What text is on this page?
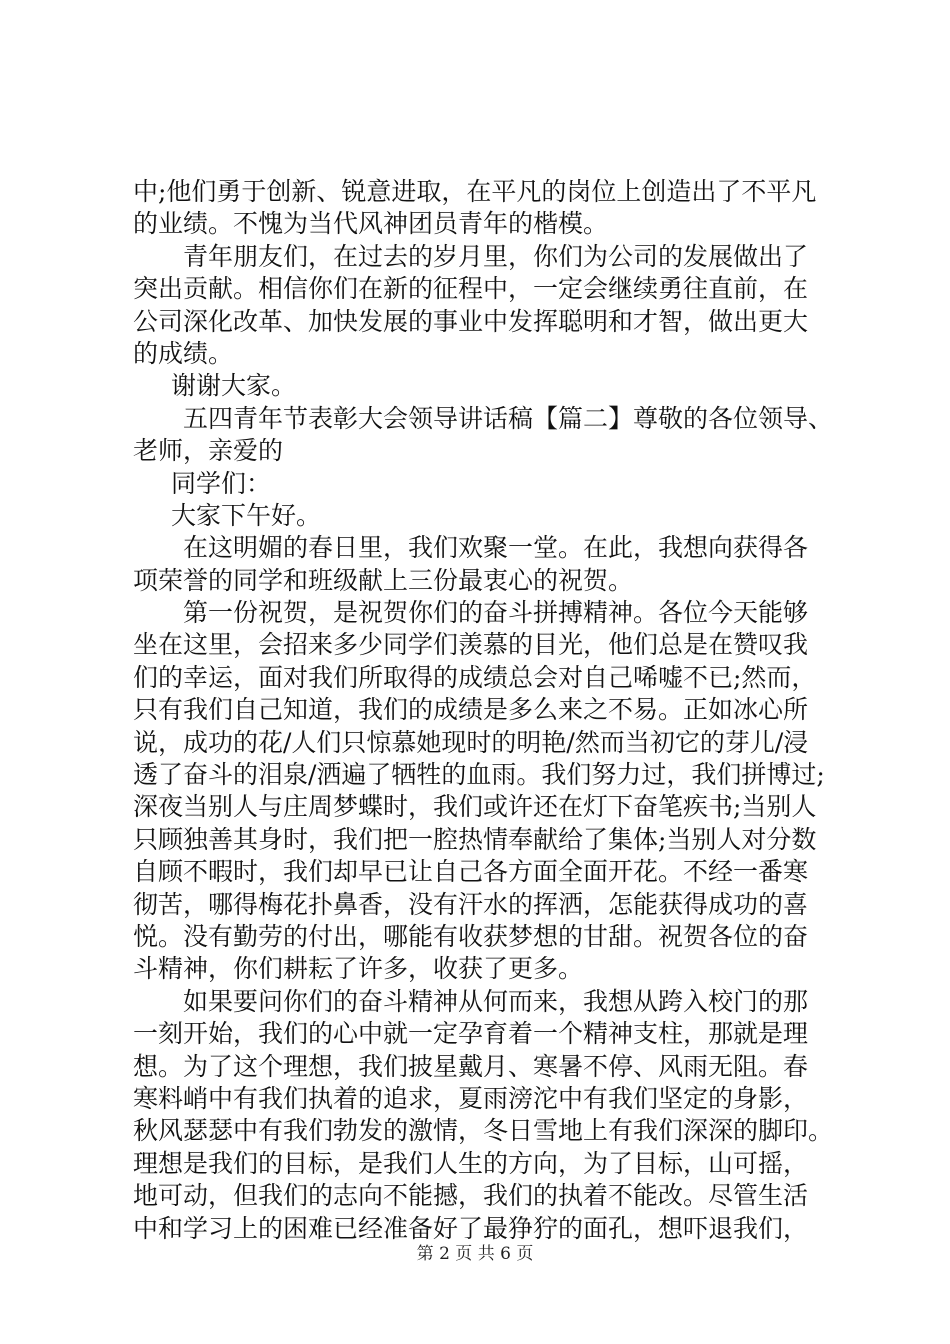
中;他们勇于创新、锐意进取，在平凡的岗位上创造出了不平凡
的业绩。不愧为当代风神团员青年的楷模。
青年朋友们，在过去的岁月里，你们为公司的发展做出了
突出贡献。相信你们在新的征程中，一定会继续勇往直前，在
公司深化改革、加快发展的事业中发挥聪明和才智，做出更大
的成绩。
谢谢大家。
五四青年节表彰大会领导讲话稿【篇二】尊敬的各位领导、
老师，亲爱的
同学们：
大家下午好。
在这明媚的春日里，我们欢聚一堂。在此，我想向获得各
项荣誉的同学和班级献上三份最衷心的祝贺。
第一份祝贺，是祝贺你们的奋斗拼搏精神。各位今天能够
坐在这里，会招来多少同学们羡慕的目光，他们总是在赞叹我
们的幸运，面对我们所取得的成绩总会对自己唏嘘不已;然而，
只有我们自己知道，我们的成绩是多么来之不易。正如冰心所
说，成功的花/人们只惊慕她现时的明艳/然而当初它的芽儿/浸
透了奋斗的泪泉/洒遍了牺牲的血雨。我们努力过，我们拼博过;
深夜当别人与庄周梦蝶时，我们或许还在灯下奋笔疾书;当别人
只顾独善其身时，我们把一腔热情奉献给了集体;当别人对分数
自顾不暇时，我们却早已让自己各方面全面开花。不经一番寒
彻苦，哪得梅花扑鼻香，没有汗水的挥洒，怎能获得成功的喜
悦。没有勤劳的付出，哪能有收获梦想的甘甜。祝贺各位的奋
斗精神，你们耕耘了许多，收获了更多。
如果要问你们的奋斗精神从何而来，我想从跨入校门的那
一刻开始，我们的心中就一定孕育着一个精神支柱，那就是理
想。为了这个理想，我们披星戴月、寒暑不停、风雨无阻。春
寒料峭中有我们执着的追求，夏雨滂沱中有我们坚定的身影，
秋风瑟瑟中有我们勃发的激情，冬日雪地上有我们深深的脚印。
理想是我们的目标，是我们人生的方向，为了目标，山可摇，
地可动，但我们的志向不能撼，我们的执着不能改。尽管生活
中和学习上的困难已经准备好了最狰狞的面孔，想吓退我们，
第 2 页 共 6 页
